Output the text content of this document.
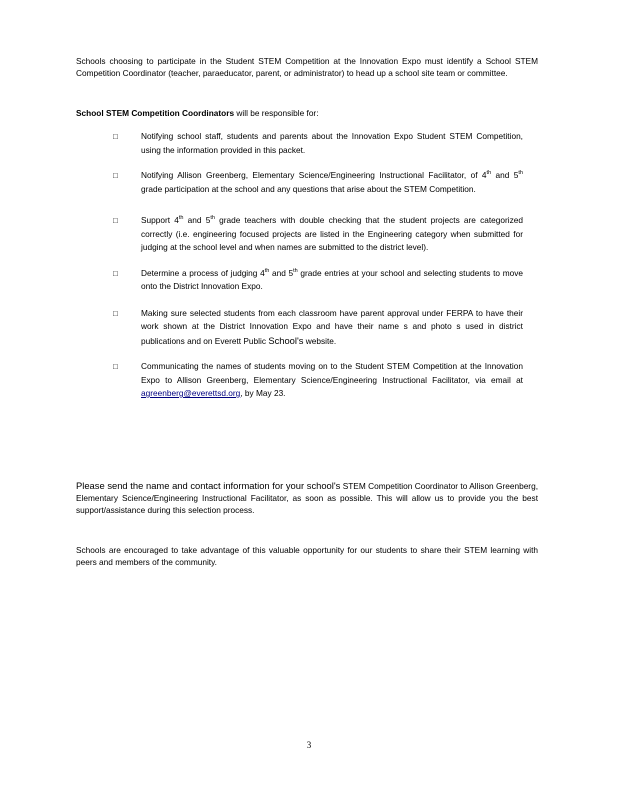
Schools choosing to participate in the Student STEM Competition at the Innovation Expo must identify a School STEM Competition Coordinator (teacher, paraeducator, parent, or administrator) to head up a school site team or committee.
School STEM Competition Coordinators will be responsible for:
□	Notifying school staff, students and parents about the Innovation Expo Student STEM Competition, using the information provided in this packet.
□	Notifying Allison Greenberg, Elementary Science/Engineering Instructional Facilitator, of 4th and 5th grade participation at the school and any questions that arise about the STEM Competition.
□	Support 4th and 5th grade teachers with double checking that the student projects are categorized correctly (i.e. engineering focused projects are listed in the Engineering category when submitted for judging at the school level and when names are submitted to the district level).
□	Determine a process of judging 4th and 5th grade entries at your school and selecting students to move onto the District Innovation Expo.
□	Making sure selected students from each classroom have parent approval under FERPA to have their work shown at the District Innovation Expo and have their name s and photo s used in district publications and on Everett Public School's website.
□	Communicating the names of students moving on to the Student STEM Competition at the Innovation Expo to Allison Greenberg, Elementary Science/Engineering Instructional Facilitator, via email at agreenberg@everettsd.org, by May 23.
Please send the name and contact information for your school's STEM Competition Coordinator to Allison Greenberg, Elementary Science/Engineering Instructional Facilitator, as soon as possible. This will allow us to provide you the best support/assistance during this selection process.
Schools are encouraged to take advantage of this valuable opportunity for our students to share their STEM learning with peers and members of the community.
3
